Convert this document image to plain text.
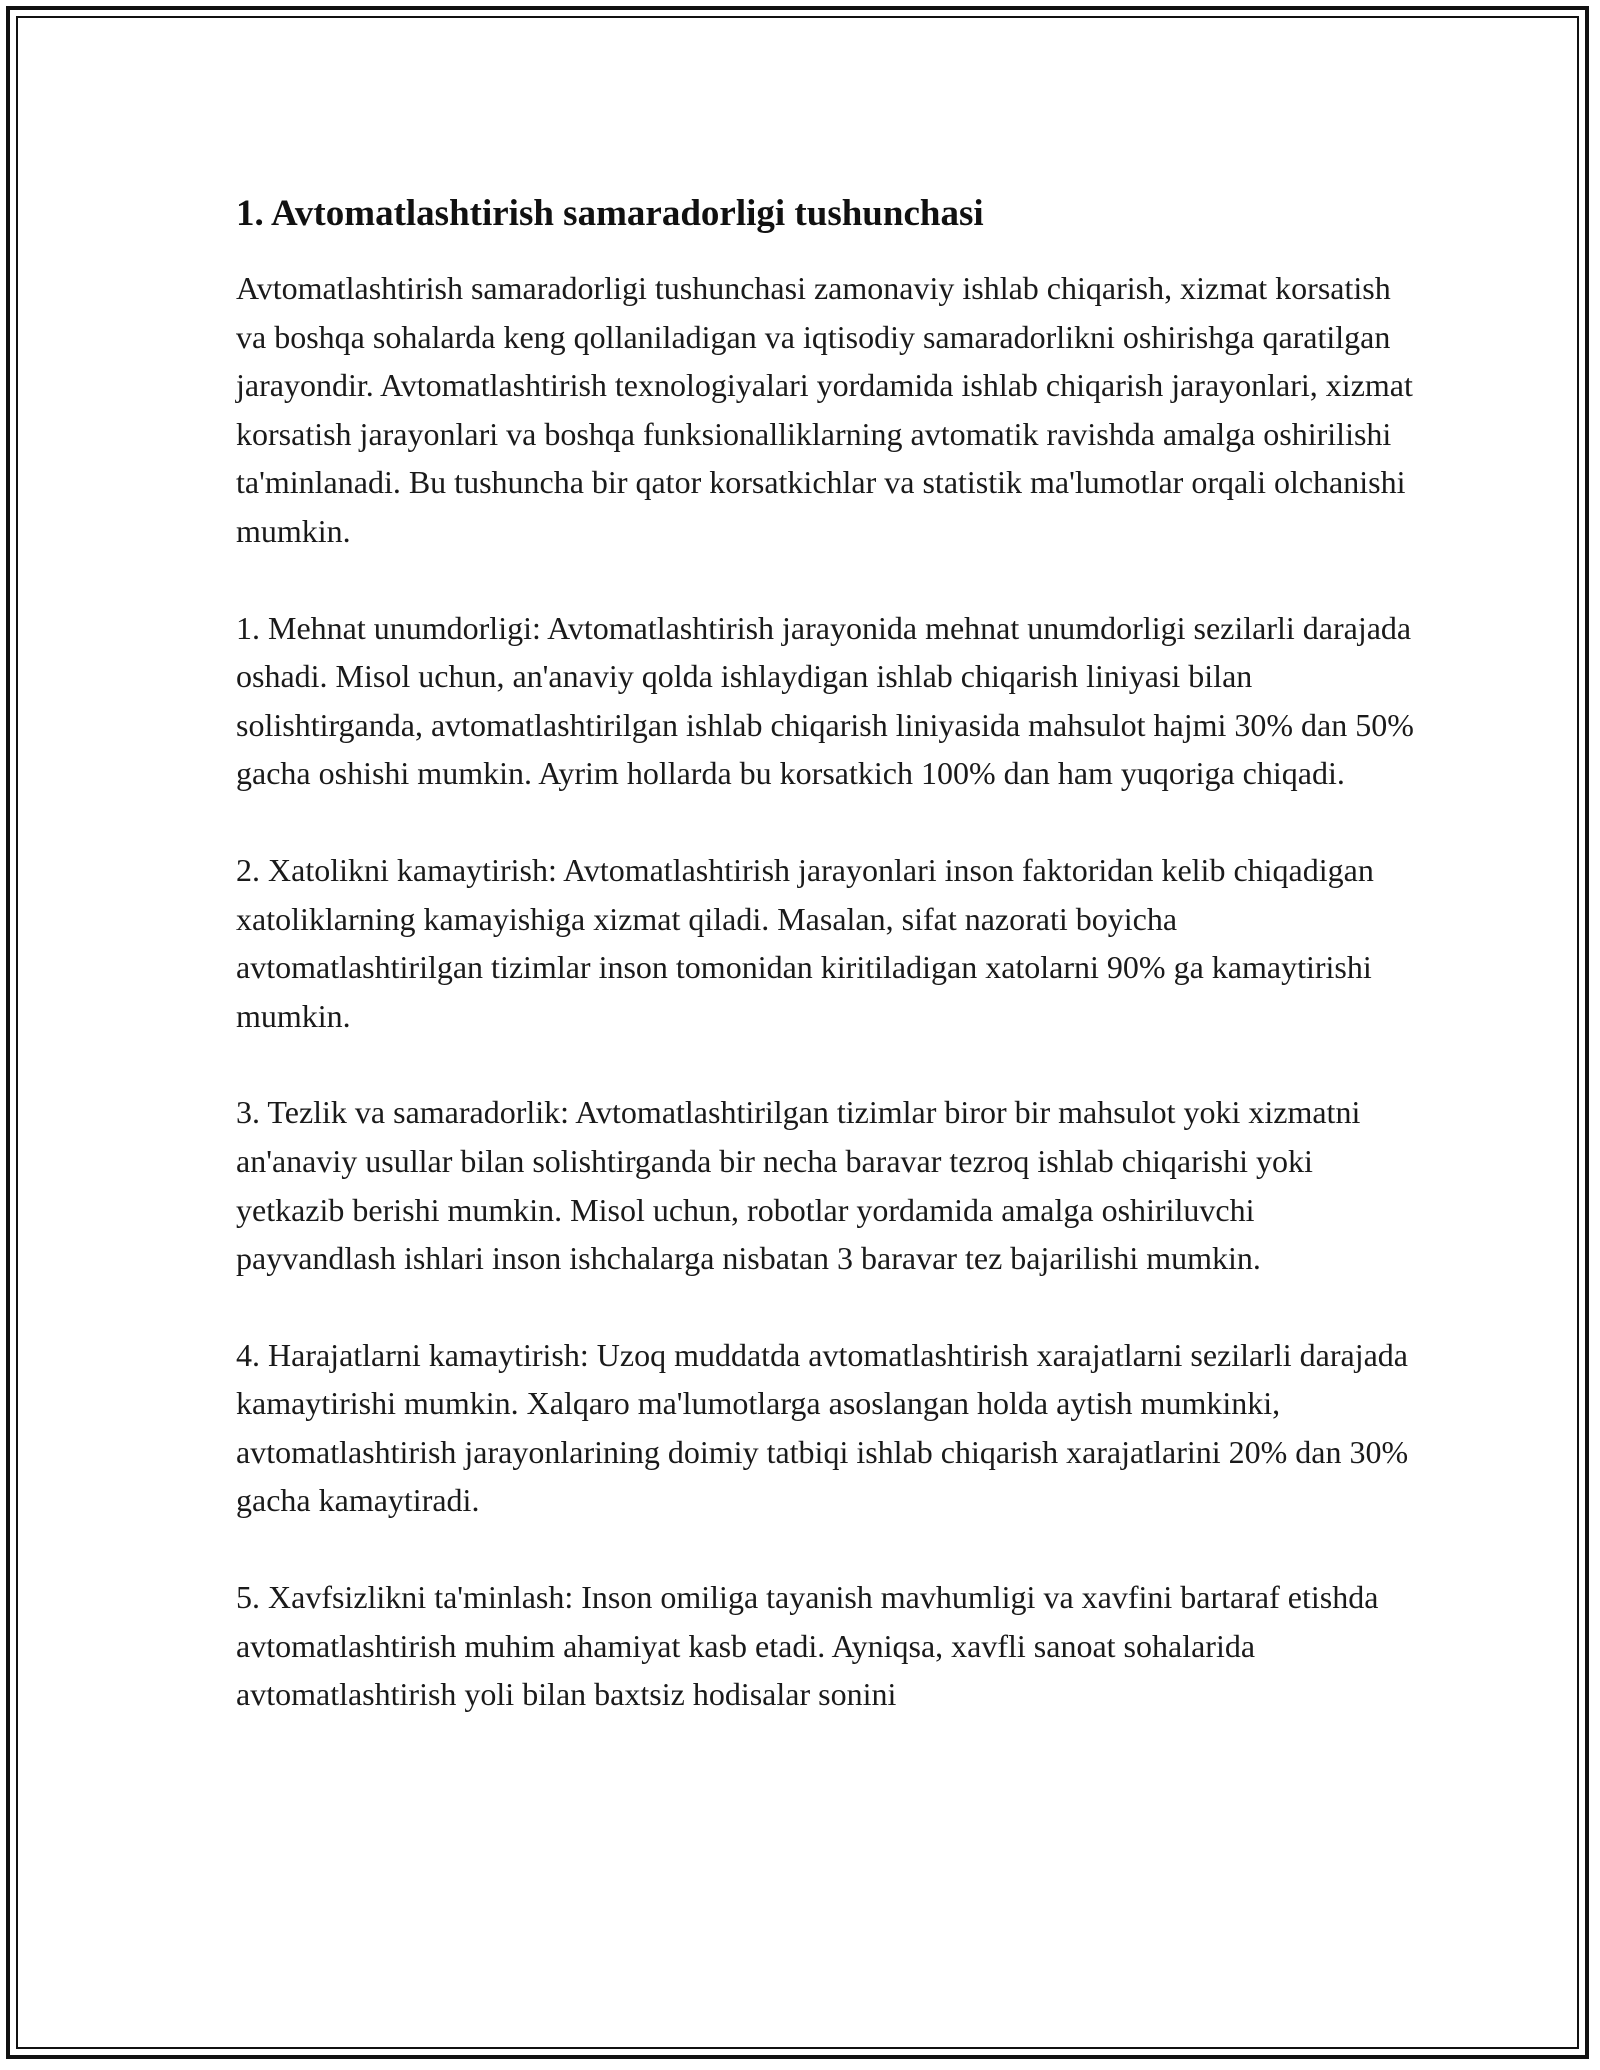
1. Avtomatlashtirish samaradorligi tushunchasi

Avtomatlashtirish samaradorligi tushunchasi zamonaviy ishlab chiqarish, xizmat korsatish va boshqa sohalarda keng qollaniladigan va iqtisodiy samaradorlikni oshirishga qaratilgan jarayondir. Avtomatlashtirish texnologiyalari yordamida ishlab chiqarish jarayonlari, xizmat korsatish jarayonlari va boshqa funksionalliklarning avtomatik ravishda amalga oshirilishi ta'minlanadi. Bu tushuncha bir qator korsatkichlar va statistik ma'lumotlar orqali olchanishi mumkin.

1. Mehnat unumdorligi: Avtomatlashtirish jarayonida mehnat unumdorligi sezilarli darajada oshadi. Misol uchun, an'anaviy qolda ishlaydigan ishlab chiqarish liniyasi bilan solishtirganda, avtomatlashtirilgan ishlab chiqarish liniyasida mahsulot hajmi 30% dan 50% gacha oshishi mumkin. Ayrim hollarda bu korsatkich 100% dan ham yuqoriga chiqadi.

2. Xatolikni kamaytirish: Avtomatlashtirish jarayonlari inson faktoridan kelib chiqadigan xatoliklarning kamayishiga xizmat qiladi. Masalan, sifat nazorati boyicha avtomatlashtirilgan tizimlar inson tomonidan kiritiladigan xatolarni 90% ga kamaytirishi mumkin.

3. Tezlik va samaradorlik: Avtomatlashtirilgan tizimlar biror bir mahsulot yoki xizmatni an'anaviy usullar bilan solishtirganda bir necha baravar tezroq ishlab chiqarishi yoki yetkazib berishi mumkin. Misol uchun, robotlar yordamida amalga oshiriluvchi payvandlash ishlari inson ishchalarga nisbatan 3 baravar tez bajarilishi mumkin.

4. Harajatlarni kamaytirish: Uzoq muddatda avtomatlashtirish xarajatlarni sezilarli darajada kamaytirishi mumkin. Xalqaro ma'lumotlarga asoslangan holda aytish mumkinki, avtomatlashtirish jarayonlarining doimiy tatbiqi ishlab chiqarish xarajatlarini 20% dan 30% gacha kamaytiradi.

5. Xavfsizlikni ta'minlash: Inson omiliga tayanish mavhumligi va xavfini bartaraf etishda avtomatlashtirish muhim ahamiyat kasb etadi. Ayniqsa, xavfli sanoat sohalarida avtomatlashtirish yoli bilan baxtsiz hodisalar sonini
